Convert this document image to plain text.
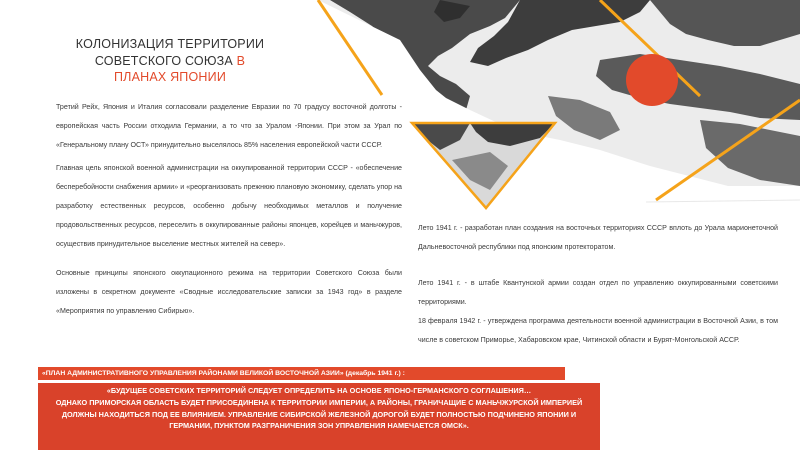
КОЛОНИЗАЦИЯ ТЕРРИТОРИИ
СОВЕТСКОГО СОЮЗА В
ПЛАНАХ ЯПОНИИ

Третий Рейх, Япония и Италия согласовали разделение Евразии по 70 градусу восточной долготы - европейская часть России отходила Германии, а то что за Уралом -Японии. При этом за Урал по «Генеральному плану ОСТ» принудительно выселялось 85% населения европейской части СССР.

Главная цель японской военной администрации на оккупированной территории СССР - «обеспечение бесперебойности снабжения армии» и «реорганизовать прежнюю плановую экономику, сделать упор на разработку естественных ресурсов, особенно добычу необходимых металлов и получение продовольственных ресурсов, переселить в оккупированные районы японцев, корейцев и маньчжуров, осуществив принудительное выселение местных жителей на север».

Основные принципы японского оккупационного режима на территории Советского Союза были изложены в секретном документе «Сводные исследовательские записки за 1943 год» в разделе «Мероприятия по управлению Сибирью».

Лето 1941 г. - разработан план создания на восточных территориях СССР вплоть до Урала марионеточной Дальневосточной республики под японским протекторатом.

Лето 1941 г. - в штабе Квантунской армии создан отдел по управлению оккупированными советскими территориями.

18 февраля 1942 г. - утверждена программа деятельности военной администрации в Восточной Азии, в том числе в советском Приморье, Хабаровском крае, Читинской области и Бурят-Монгольской АССР.

«ПЛАН АДМИНИСТРАТИВНОГО УПРАВЛЕНИЯ РАЙОНАМИ ВЕЛИКОЙ ВОСТОЧНОЙ АЗИИ» (декабрь 1941 г.) :
«БУДУЩЕЕ СОВЕТСКИХ ТЕРРИТОРИЙ СЛЕДУЕТ ОПРЕДЕЛИТЬ НА ОСНОВЕ ЯПОНО-ГЕРМАНСКОГО СОГЛАШЕНИЯ…
ОДНАКО ПРИМОРСКАЯ ОБЛАСТЬ БУДЕТ ПРИСОЕДИНЕНА К ТЕРРИТОРИИ ИМПЕРИИ, А РАЙОНЫ, ГРАНИЧАЩИЕ С МАНЬЧЖУРСКОЙ ИМПЕРИЕЙ ДОЛЖНЫ НАХОДИТЬСЯ ПОД ЕЕ ВЛИЯНИЕМ. УПРАВЛЕНИЕ СИБИРСКОЙ ЖЕЛЕЗНОЙ ДОРОГОЙ БУДЕТ ПОЛНОСТЬЮ ПОДЧИНЕНО ЯПОНИИ И ГЕРМАНИИ, ПУНКТОМ РАЗГРАНИЧЕНИЯ ЗОН УПРАВЛЕНИЯ НАМЕЧАЕТСЯ ОМСК».
